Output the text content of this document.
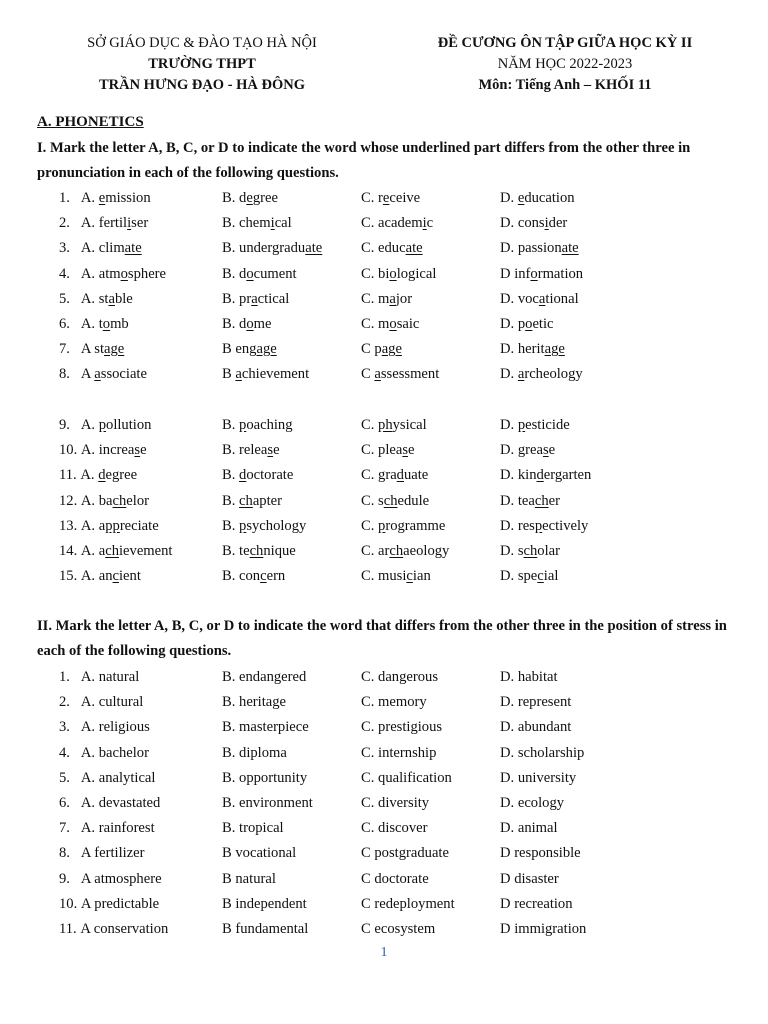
SỞ GIÁO DỤC & ĐÀO TẠO HÀ NỘI
TRƯỜNG THPT
TRẦN HƯNG ĐẠO - HÀ ĐÔNG
ĐỀ CƯƠNG ÔN TẬP GIỮA HỌC KỲ II
NĂM HỌC 2022-2023
Môn: Tiếng Anh – KHỐI 11
A. PHONETICS
I. Mark the letter A, B, C, or D to indicate the word whose underlined part differs from the other three in pronunciation in each of the following questions.
1.   A. emission	B. degree	C. receive	D. education
2.   A. fertiliser	B. chemical	C. academic	D. consider
3.   A. climate	B. undergraduate	C. educate	D. passionate
4.   A. atmosphere	B. document	C. biological	D information
5.   A. stable	B. practical	C. major	D. vocational
6.   A. tomb	B. dome	C. mosaic	D. poetic
7.   A stage	B engage	C page	D. heritage
8.   A associate	B achievement	C assessment	D. archeology
9.   A. pollution	B. poaching	C. physical	D. pesticide
10. A. increase	B. release	C. please	D. grease
11. A. degree	B. doctorate	C. graduate	D. kindergarten
12. A. bachelor	B. chapter	C. schedule	D. teacher
13. A. appreciate	B. psychology	C. programme	D. respectively
14. A. achievement	B. technique	C. archaeology	D. scholar
15. A. ancient	B. concern	C. musician	D. special
II. Mark the letter A, B, C, or D to indicate the word that differs from the other three in the position of stress in each of the following questions.
1.   A. natural	B. endangered	C. dangerous	D. habitat
2.   A. cultural	B. heritage	C. memory	D. represent
3.   A. religious	B. masterpiece	C. prestigious	D. abundant
4.   A. bachelor	B. diploma	C. internship	D. scholarship
5.   A. analytical	B. opportunity	C. qualification	D. university
6.   A. devastated	B. environment	C. diversity	D. ecology
7.   A. rainforest	B. tropical	C. discover	D. animal
8.   A fertilizer	B vocational	C postgraduate	D responsible
9.   A atmosphere	B natural	C doctorate	D disaster
10. A predictable	B independent	C redeployment	D recreation
11. A conservation	B fundamental	C ecosystem	D immigration
1
